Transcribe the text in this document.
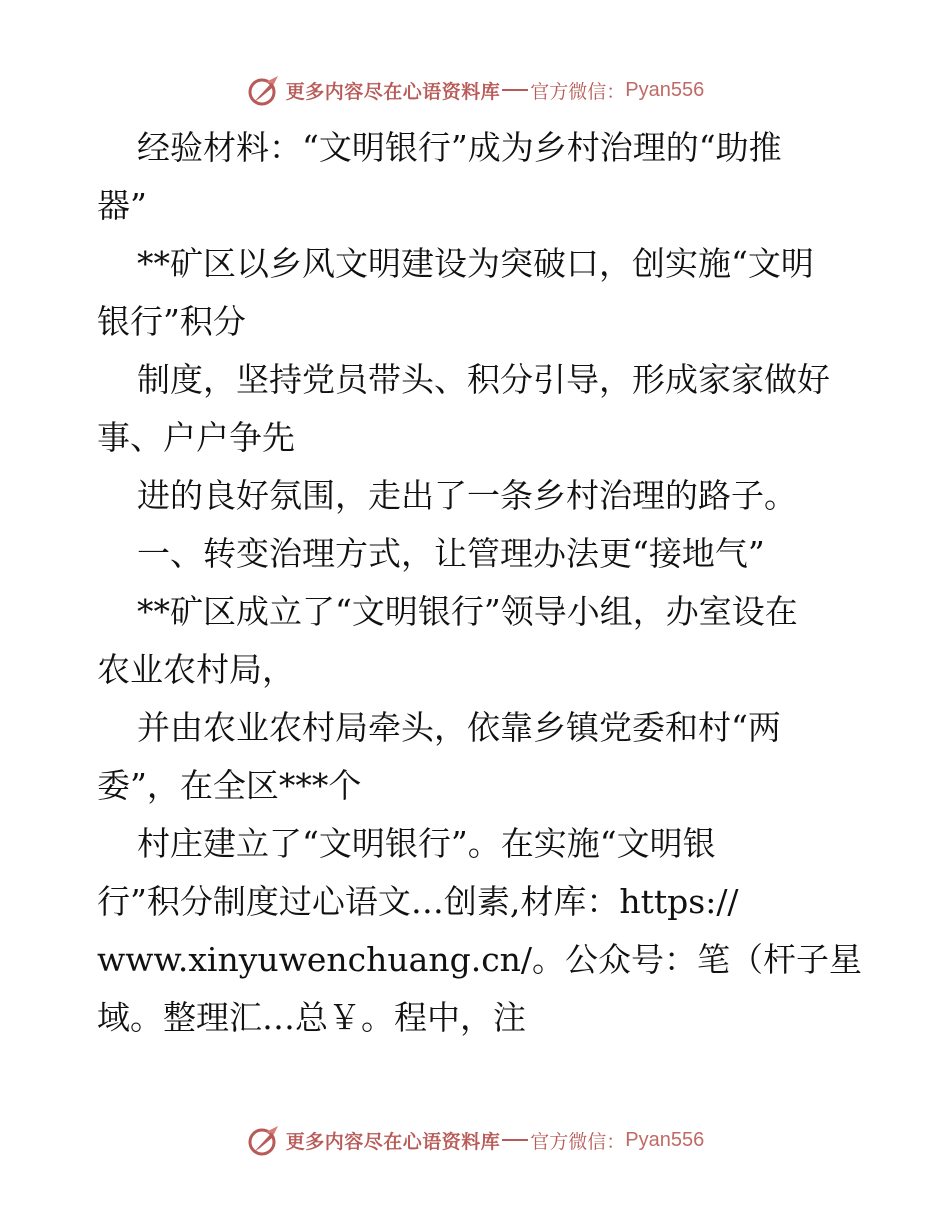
更多内容尽在心语资料库 官方微信： Pyan556
经验材料：“文明银行”成为乡村治理的“助推
器”
**矿区以乡风文明建设为突破口，创实施“文明
银行”积分
制度，坚持党员带头、积分引导，形成家家做好
事、户户争先
进的良好氛围，走出了一条乡村治理的路子。
一、转变治理方式，让管理办法更“接地气”
**矿区成立了“文明银行”领导小组，办室设在
农业农村局，
并由农业农村局牵头，依靠乡镇党委和村“两
委”，在全区***个
村庄建立了“文明银行”。在实施“文明银
行”积分制度过心语文…创素,材库：https://
www.xinyuwenchuang.cn/。公众号：笔（杆子星
域。整理汇…总￥。程中，注
更多内容尽在心语资料库 官方微信： Pyan556
